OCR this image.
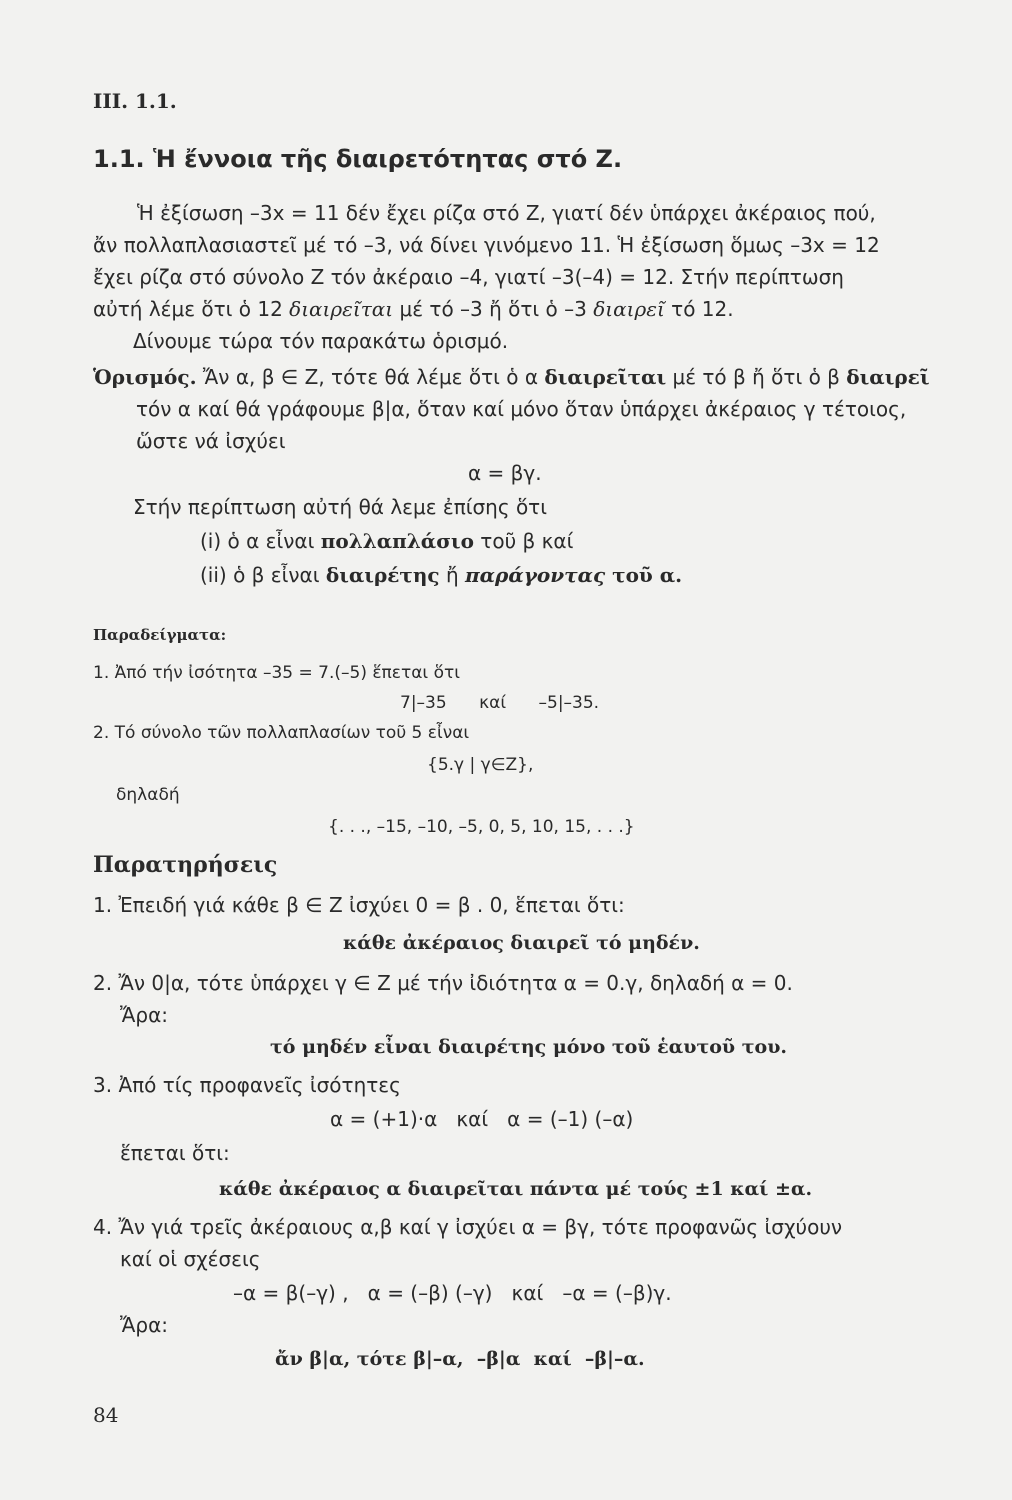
III. 1.1.
1.1. Ἡ ἔννοια τῆς διαιρετότητας στό Z.
Ἡ ἐξίσωση –3x = 11 δέν ἔχει ρίζα στό Z, γιατί δέν ὑπάρχει ἀκέραιος πού,
ἄν πολλαπλασιαστεῖ μέ τό –3, νά δίνει γινόμενο 11. Ἡ ἐξίσωση ὅμως –3x = 12
ἔχει ρίζα στό σύνολο Z τόν ἀκέραιο –4, γιατί –3(–4) = 12. Στήν περίπτωση
αὐτή λέμε ὅτι ὁ 12 διαιρεῖται μέ τό –3 ἤ ὅτι ὁ –3 διαιρεῖ τό 12.
Δίνουμε τώρα τόν παρακάτω ὁρισμό.
Ὁρισμός. Ἄν α, β ∈ Z, τότε θά λέμε ὅτι ὁ α διαιρεῖται μέ τό β ἤ ὅτι ὁ β διαιρεῖ
τόν α καί θά γράφουμε β|α, ὅταν καί μόνο ὅταν ὑπάρχει ἀκέραιος γ τέτοιος,
ὥστε νά ἰσχύει
α = βγ.
Στήν περίπτωση αὐτή θά λεμε ἐπίσης ὅτι
(i) ὁ α εἶναι πολλαπλάσιο τοῦ β καί
(ii) ὁ β εἶναι διαιρέτης ἤ παράγοντας τοῦ α.
Παραδείγματα:
1. Ἀπό τήν ἰσότητα –35 = 7.(–5) ἕπεται ὅτι
7|–35      καί      –5|–35.
2. Τό σύνολο τῶν πολλαπλασίων τοῦ 5 εἶναι
{5.γ | γ∈Z},
δηλαδή
{. . ., –15, –10, –5, 0, 5, 10, 15, . . .}
Παρατηρήσεις
1. Ἐπειδή γιά κάθε β ∈ Z ἰσχύει 0 = β . 0, ἕπεται ὅτι:
κάθε ἀκέραιος διαιρεῖ τό μηδέν.
2. Ἄν 0|α, τότε ὑπάρχει γ ∈ Z μέ τήν ἰδιότητα α = 0.γ, δηλαδή α = 0.
Ἄρα:
τό μηδέν εἶναι διαιρέτης μόνο τοῦ ἑαυτοῦ του.
3. Ἀπό τίς προφανεῖς ἰσότητες
α = (+1)·α   καί   α = (–1) (–α)
ἕπεται ὅτι:
κάθε ἀκέραιος α διαιρεῖται πάντα μέ τούς ±1 καί ±α.
4. Ἄν γιά τρεῖς ἀκέραιους α,β καί γ ἰσχύει α = βγ, τότε προφανῶς ἰσχύουν
καί οἱ σχέσεις
–α = β(–γ) ,   α = (–β) (–γ)   καί   –α = (–β)γ.
Ἄρα:
ἄν β|α, τότε β|–α,  –β|α  καί  –β|–α.
84
